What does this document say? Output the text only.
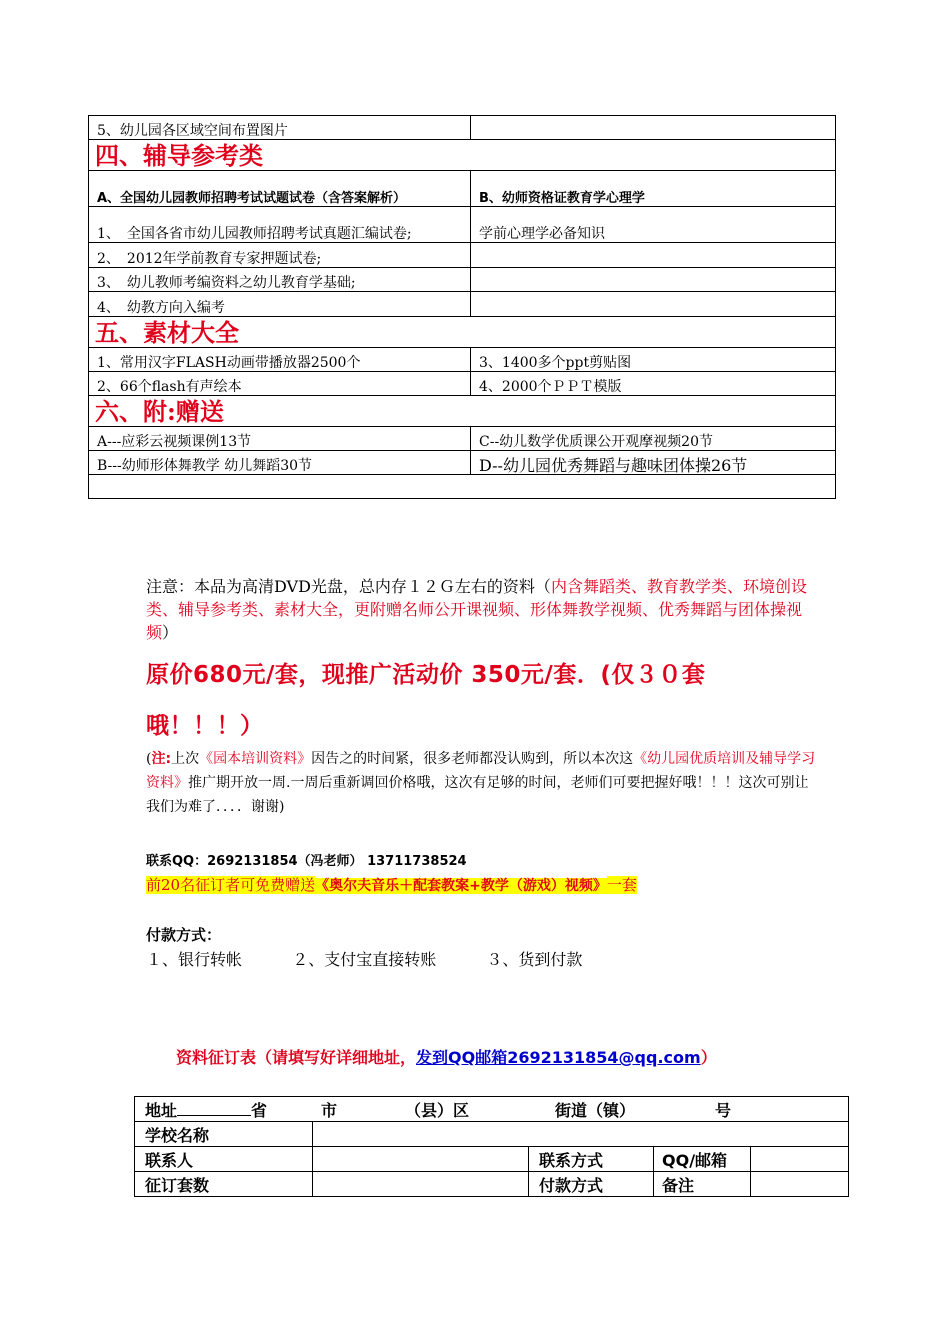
5、幼儿园各区域空间布置图片	
四、辅导参考类	
A、全国幼儿园教师招聘考试试题试卷（含答案解析）	B、幼师资格证教育学心理学
1、　全国各省市幼儿园教师招聘考试真题汇编试卷;	学前心理学必备知识
2、　2012年学前教育专家押题试卷;	
3、　幼儿教师考编资料之幼儿教育学基础;	
4、　幼教方向入编考	
五、素材大全	
1、常用汉字FLASH动画带播放器2500个	3、1400多个ppt剪贴图
2、66个flash有声绘本	4、2000个ＰＰＴ模版
六、附:赠送	
A---应彩云视频课例13节	C--幼儿数学优质课公开观摩视频20节
B---幼师形体舞教学 幼儿舞蹈30节	D--幼儿园优秀舞蹈与趣味团体操26节

注意：本品为高清DVD光盘，总内存１２Ｇ左右的资料（内含舞蹈类、教育教学类、环境创设类、辅导参考类、素材大全，更附赠名师公开课视频、形体舞教学视频、优秀舞蹈与团体操视频）
原价680元/套，现推广活动价 350元/套．(仅３０套
哦！！！）
(注:上次《园本培训资料》因告之的时间紧，很多老师都没认购到，所以本次这《幼儿园优质培训及辅导学习资料》推广期开放一周.一周后重新调回价格哦，这次有足够的时间，老师们可要把握好哦！！！这次可别让我们为难了．．．．谢谢)
联系QQ：2692131854（冯老师） 13711738524
前20名征订者可免费赠送《奥尔夫音乐＋配套教案+教学（游戏）视频》一套
付款方式：
１、银行转帐	２、支付宝直接转账	３、货到付款
资料征订表（请填写好详细地址，发到QQ邮箱2692131854@qq.com）
地址 省 市 （县）区 街道（镇） 号				
学校名称				
联系人		联系方式	QQ/邮箱	
征订套数		付款方式	备注	
